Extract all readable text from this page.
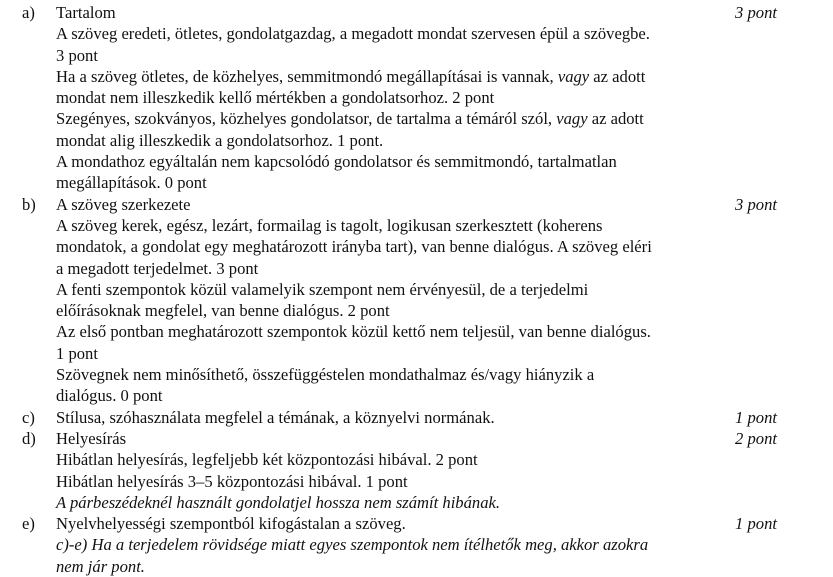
a) Tartalom	3 pont
A szöveg eredeti, ötletes, gondolatgazdag, a megadott mondat szervesen épül a szövegbe.
3 pont
Ha a szöveg ötletes, de közhelyes, semmitmondó megállapításai is vannak, vagy az adott
mondat nem illeszkedik kellő mértékben a gondolatsorhoz. 2 pont
Szegényes, szokványos, közhelyes gondolatsor, de tartalma a témáról szól, vagy az adott
mondat alig illeszkedik a gondolatsorhoz. 1 pont.
A mondathoz egyáltalán nem kapcsolódó gondolatsor és semmitmondó, tartalmatlan
megállapítások. 0 pont
b) A szöveg szerkezete	3 pont
A szöveg kerek, egész, lezárt, formailag is tagolt, logikusan szerkesztett (koherens
mondatok, a gondolat egy meghatározott irányba tart), van benne dialógus. A szöveg eléri
a megadott terjedelmet. 3 pont
A fenti szempontok közül valamelyik szempont nem érvényesül, de a terjedelmi
előírásoknak megfelel, van benne dialógus. 2 pont
Az első pontban meghatározott szempontok közül kettő nem teljesül, van benne dialógus.
1 pont
Szövegnek nem minősíthető, összefüggéstelen mondathalmaz és/vagy hiányzik a
dialógus. 0 pont
c) Stílusa, szóhasználata megfelel a témának, a köznyelvi normának.	1 pont
d) Helyesírás	2 pont
Hibátlan helyesírás, legfeljebb két központozási hibával. 2 pont
Hibátlan helyesírás 3–5 központozási hibával. 1 pont
A párbeszédeknél használt gondolatjel hossza nem számít hibának.
e) Nyelvhelyességi szempontból kifogástalan a szöveg.	1 pont
c)-e) Ha a terjedelem rövidsége miatt egyes szempontok nem ítélhetők meg, akkor azokra
nem jár pont.
